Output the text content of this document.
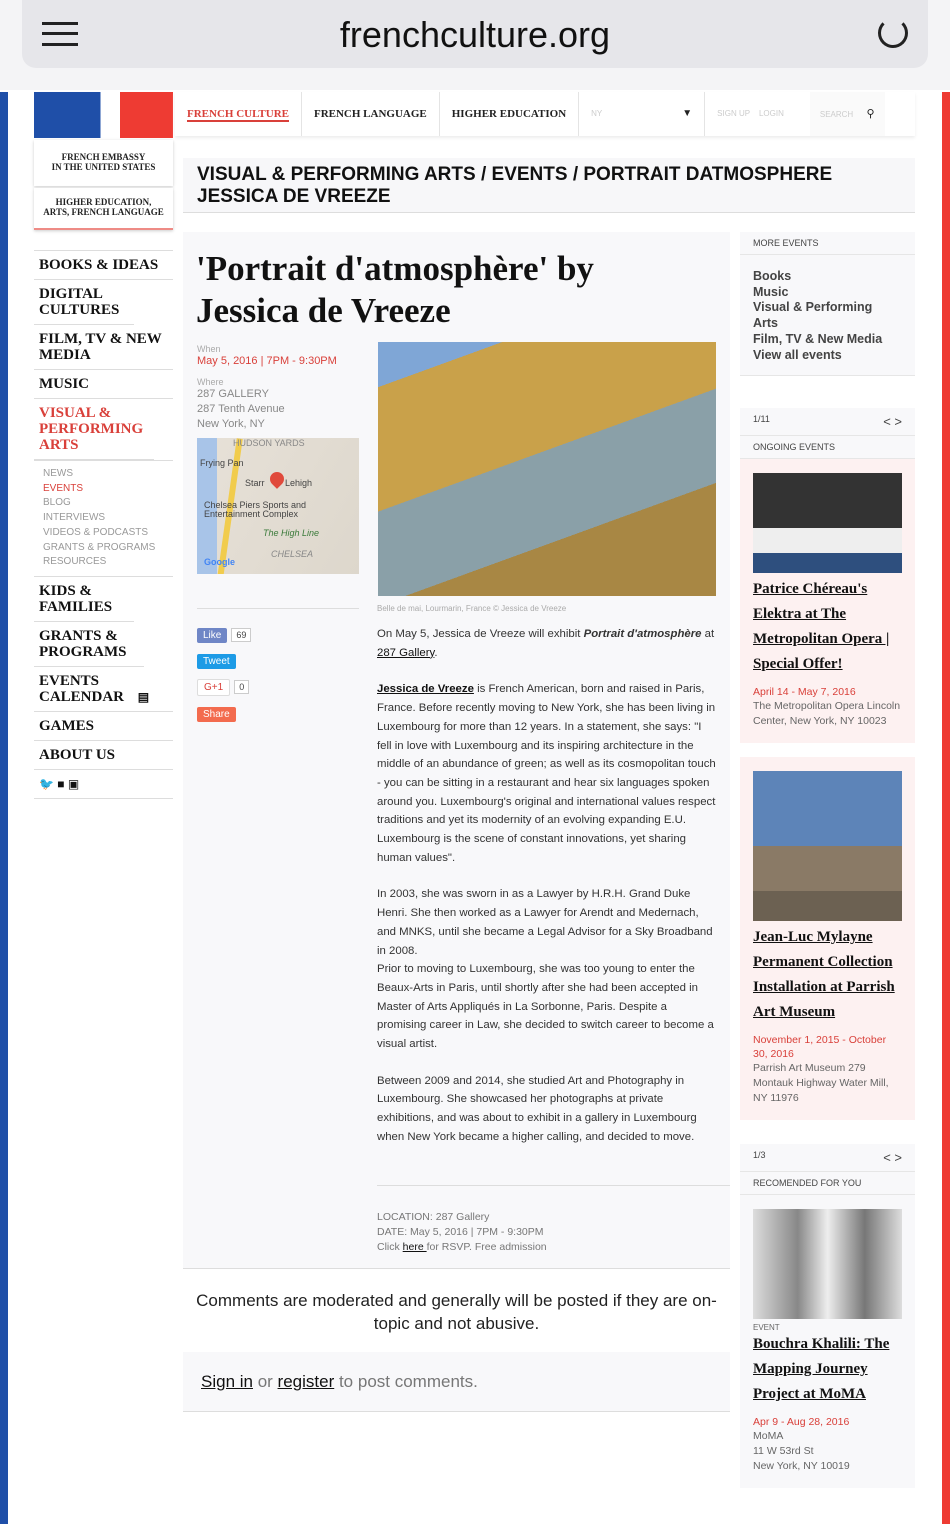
frenchculture.org
FRENCH EMBASSY
IN THE UNITED STATES
HIGHER EDUCATION,
ARTS, FRENCH LANGUAGE
FRENCH CULTURE	FRENCH LANGUAGE	HIGHER EDUCATION	NY	▼	SIGN UP LOGIN	SEARCH ⚲
VISUAL & PERFORMING ARTS / EVENTS / PORTRAIT DATMOSPHERE JESSICA DE VREEZE
BOOKS & IDEAS
DIGITAL CULTURES
FILM, TV & NEW MEDIA
MUSIC
VISUAL & PERFORMING ARTS
NEWS
EVENTS
BLOG
INTERVIEWS
VIDEOS & PODCASTS
GRANTS & PROGRAMS
RESOURCES
KIDS & FAMILIES
GRANTS & PROGRAMS
EVENTS CALENDAR ▤
GAMES
ABOUT US
🐦 ■ ▣
'Portrait d'atmosphère' by Jessica de Vreeze
When
May 5, 2016 | 7PM - 9:30PM
Where
287 GALLERY
287 Tenth Avenue
New York, NY
HUDSON YARDS
Frying Pan
Starr Lehigh
Chelsea Piers Sports and Entertainment Complex
The High Line
CHELSEA
Google
Like 69
Tweet
G+1 0
Share
Belle de mai, Lourmarin, France © Jessica de Vreeze
On May 5, Jessica de Vreeze will exhibit Portrait d'atmosphère at 287 Gallery.
Jessica de Vreeze is French American, born and raised in Paris, France. Before recently moving to New York, she has been living in Luxembourg for more than 12 years. In a statement, she says: "I fell in love with Luxembourg and its inspiring architecture in the middle of an abundance of green; as well as its cosmopolitan touch - you can be sitting in a restaurant and hear six languages spoken around you. Luxembourg's original and international values respect traditions and yet its modernity of an evolving expanding E.U. Luxembourg is the scene of constant innovations, yet sharing human values".
In 2003, she was sworn in as a Lawyer by H.R.H. Grand Duke Henri. She then worked as a Lawyer for Arendt and Medernach, and MNKS, until she became a Legal Advisor for a Sky Broadband in 2008.
Prior to moving to Luxembourg, she was too young to enter the Beaux-Arts in Paris, until shortly after she had been accepted in Master of Arts Appliqués in La Sorbonne, Paris. Despite a promising career in Law, she decided to switch career to become a visual artist.
Between 2009 and 2014, she studied Art and Photography in Luxembourg. She showcased her photographs at private exhibitions, and was about to exhibit in a gallery in Luxembourg when New York became a higher calling, and decided to move.
LOCATION: 287 Gallery
DATE: May 5, 2016 | 7PM - 9:30PM
Click here for RSVP. Free admission
Comments are moderated and generally will be posted if they are on-topic and not abusive.
Sign in or register to post comments.
MORE EVENTS
Books
Music
Visual & Performing Arts
Film, TV & New Media
View all events
1/11	< >
ONGOING EVENTS
Patrice Chéreau's Elektra at The Metropolitan Opera | Special Offer!
April 14 - May 7, 2016
The Metropolitan Opera Lincoln Center, New York, NY 10023
Jean-Luc Mylayne Permanent Collection Installation at Parrish Art Museum
November 1, 2015 - October 30, 2016
Parrish Art Museum 279 Montauk Highway Water Mill, NY 11976
1/3	< >
RECOMENDED FOR YOU
EVENT
Bouchra Khalili: The Mapping Journey Project at MoMA
Apr 9 - Aug 28, 2016
MoMA
11 W 53rd St
New York, NY 10019
